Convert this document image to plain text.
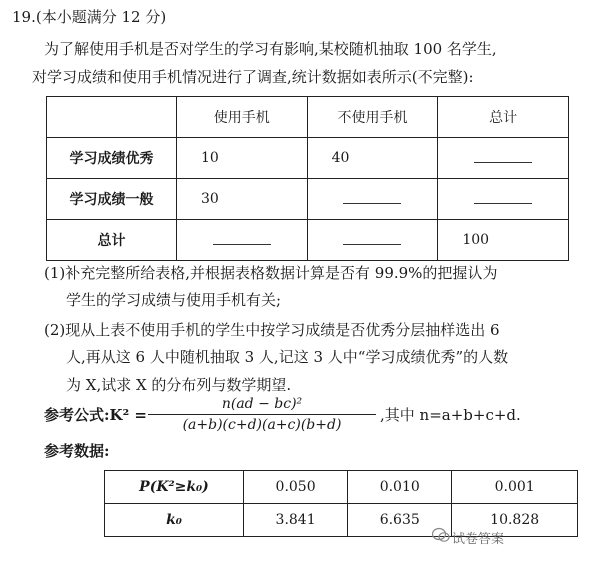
19.(本小题满分 12 分)
为了解使用手机是否对学生的学习有影响,某校随机抽取 100 名学生,
对学习成绩和使用手机情况进行了调查,统计数据如表所示(不完整):
	使用手机	不使用手机	总计
学习成绩优秀	10	40	
学习成绩一般	30		
总计			100
(1)补充完整所给表格,并根据表格数据计算是否有 99.9%的把握认为
学生的学习成绩与使用手机有关;
(2)现从上表不使用手机的学生中按学习成绩是否优秀分层抽样选出 6
人,再从这 6 人中随机抽取 3 人,记这 3 人中“学习成绩优秀”的人数
为 X,试求 X 的分布列与数学期望.
参考公式:K² =
n(ad − bc)²
(a+b)(c+d)(a+c)(b+d)
,其中 n=a+b+c+d.
参考数据:
P(K²≥k₀)	0.050	0.010	0.001
k₀	3.841	6.635	10.828
试卷答案
